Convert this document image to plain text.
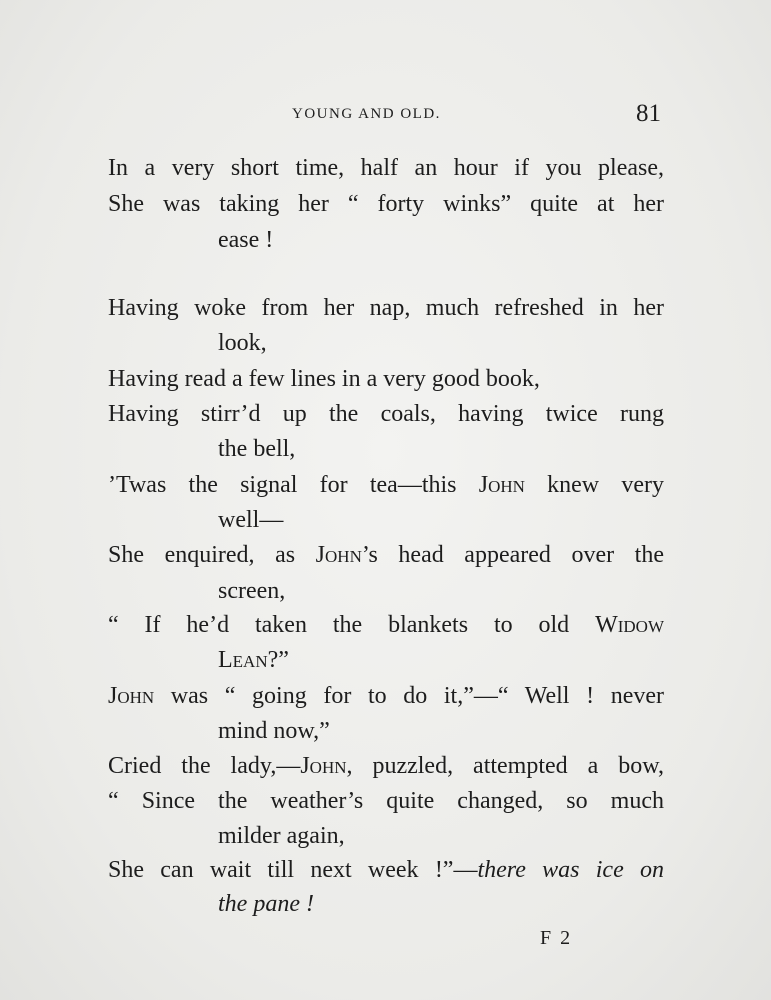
YOUNG AND OLD.	81
In a very short time, half an hour if you please,
She was taking her “ forty winks” quite at her
ease !
Having woke from her nap, much refreshed in her
look,
Having read a few lines in a very good book,
Having stirr’d up the coals, having twice rung
the bell,
’Twas the signal for tea—this John knew very
well—
She enquired, as John’s head appeared over the
screen,
“ If he’d taken the blankets to old Widow
Lean?”
John was “ going for to do it,”—“ Well ! never
mind now,”
Cried the lady,—John, puzzled, attempted a bow,
“ Since the weather’s quite changed, so much
milder again,
She can wait till next week !”—there was ice on
the pane !
F 2
